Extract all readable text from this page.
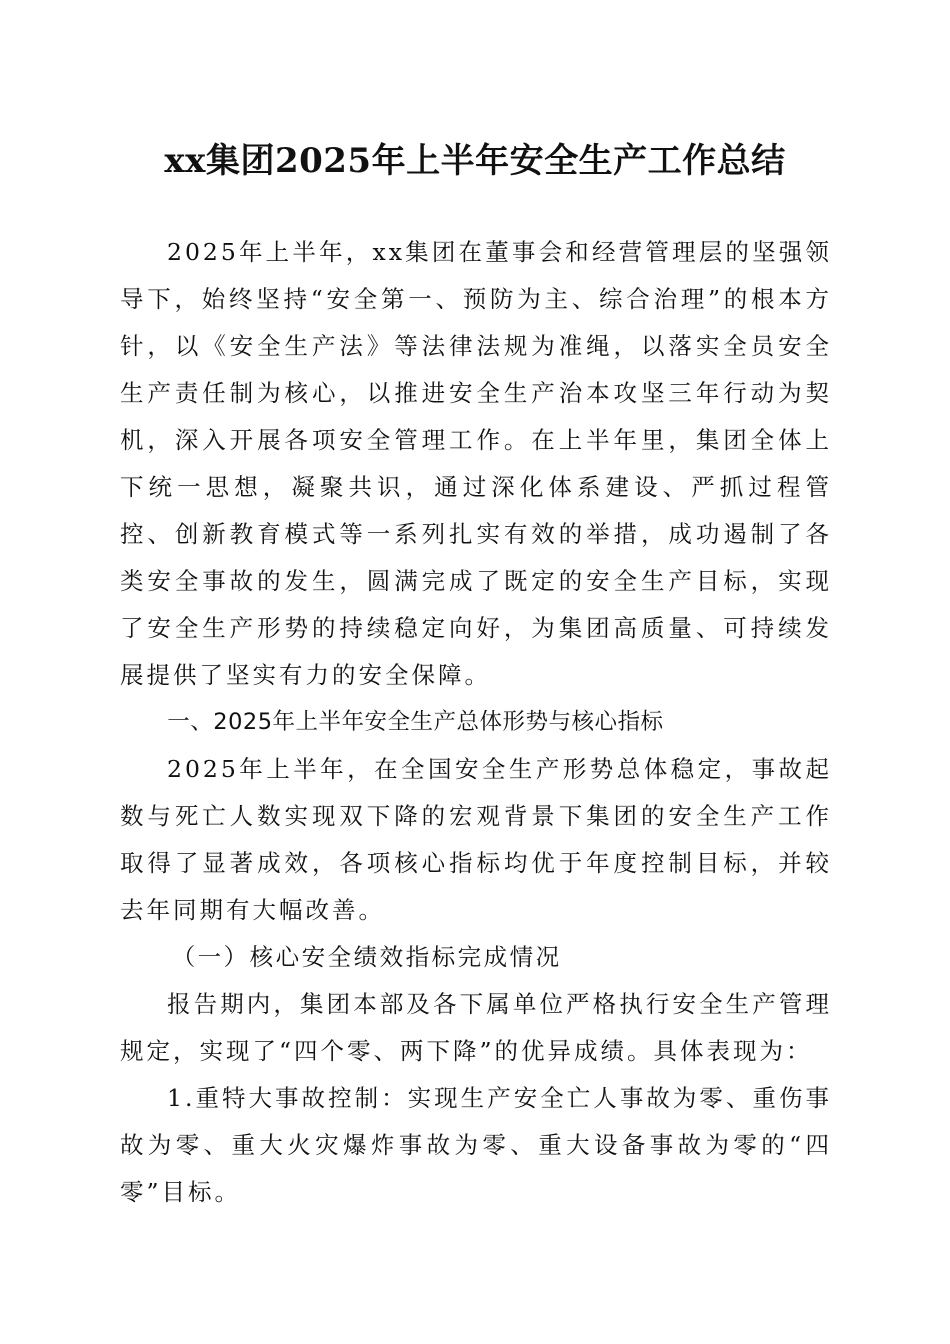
xx集团2025年上半年安全生产工作总结

2025年上半年，xx集团在董事会和经营管理层的坚强领导下，始终坚持“安全第一、预防为主、综合治理”的根本方针，以《安全生产法》等法律法规为准绳，以落实全员安全生产责任制为核心，以推进安全生产治本攻坚三年行动为契机，深入开展各项安全管理工作。在上半年里，集团全体上下统一思想，凝聚共识，通过深化体系建设、严抓过程管控、创新教育模式等一系列扎实有效的举措，成功遏制了各类安全事故的发生，圆满完成了既定的安全生产目标，实现了安全生产形势的持续稳定向好，为集团高质量、可持续发展提供了坚实有力的安全保障。

一、2025年上半年安全生产总体形势与核心指标

2025年上半年，在全国安全生产形势总体稳定，事故起数与死亡人数实现双下降的宏观背景下集团的安全生产工作取得了显著成效，各项核心指标均优于年度控制目标，并较去年同期有大幅改善。

（一）核心安全绩效指标完成情况

报告期内，集团本部及各下属单位严格执行安全生产管理规定，实现了“四个零、两下降”的优异成绩。具体表现为：

1.重特大事故控制：实现生产安全亡人事故为零、重伤事故为零、重大火灾爆炸事故为零、重大设备事故为零的“四零”目标。
